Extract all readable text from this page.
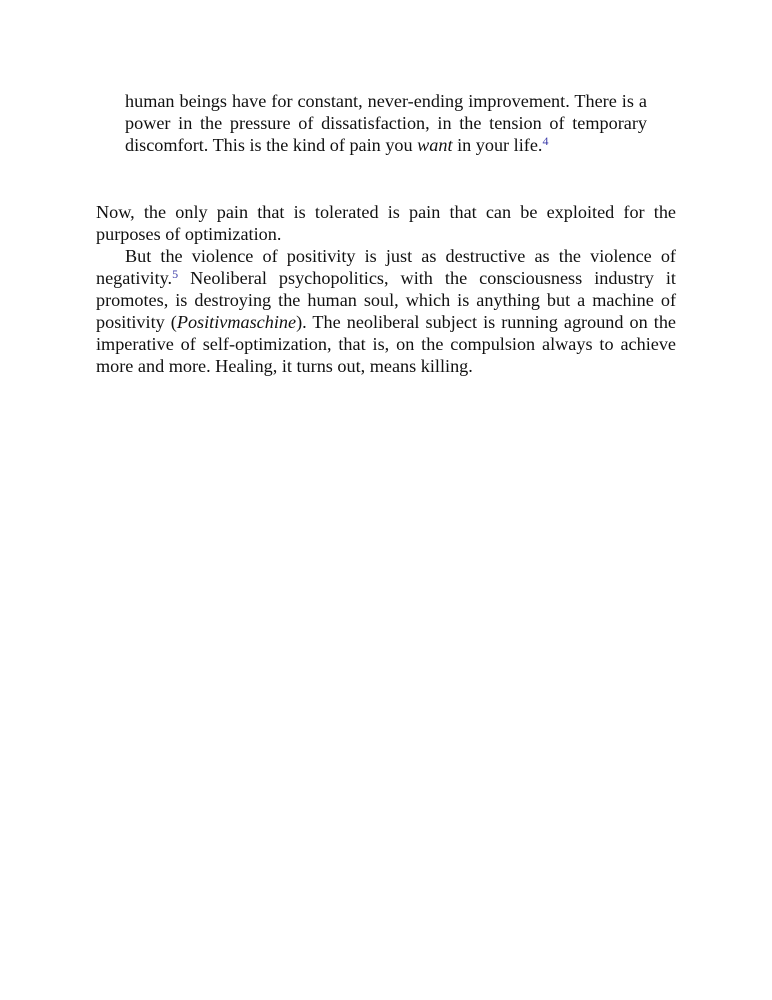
human beings have for constant, never-ending improvement. There is a power in the pressure of dissatisfaction, in the tension of temporary discomfort. This is the kind of pain you want in your life.$^4$

Now, the only pain that is tolerated is pain that can be exploited for the purposes of optimization.

But the violence of positivity is just as destructive as the violence of negativity.$^5$ Neoliberal psychopolitics, with the consciousness industry it promotes, is destroying the human soul, which is anything but a machine of positivity (Positivmaschine). The neoliberal subject is running aground on the imperative of self-optimization, that is, on the compulsion always to achieve more and more. Healing, it turns out, means killing.
